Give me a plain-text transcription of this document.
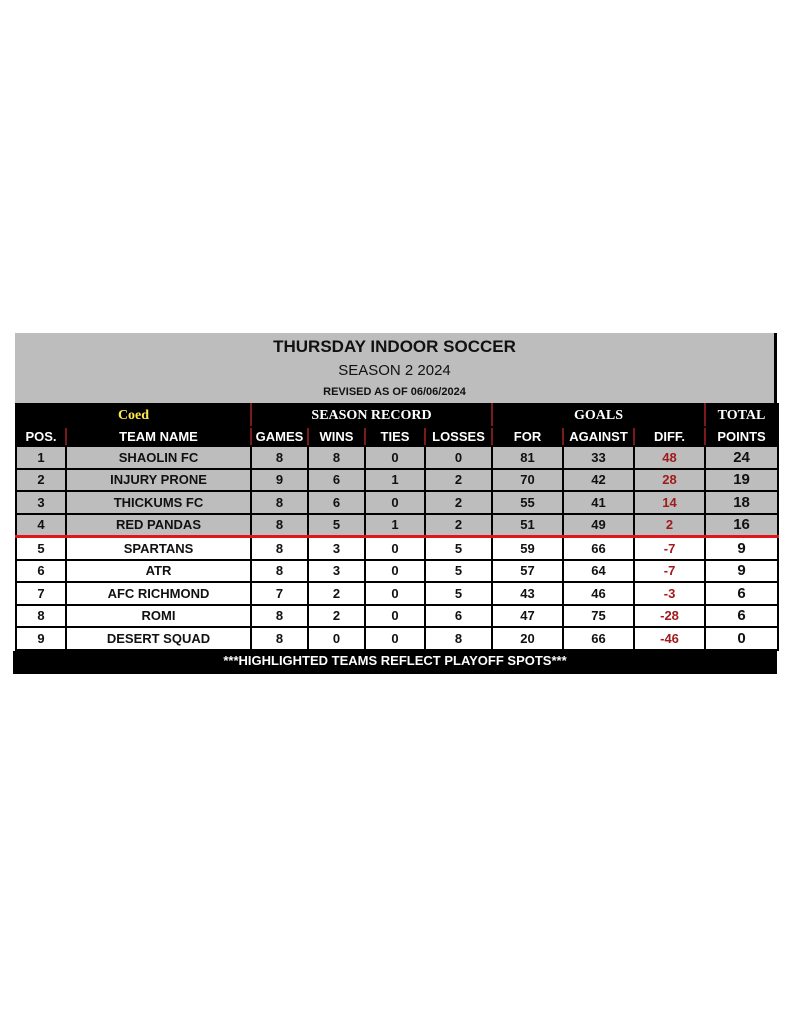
THURSDAY INDOOR SOCCER
SEASON 2 2024
REVISED AS OF 06/06/2024
Coed		SEASON RECORD				GOALS			TOTAL
POS.	TEAM NAME	GAMES	WINS	TIES	LOSSES	FOR	AGAINST	DIFF.	POINTS
1	SHAOLIN FC	8	8	0	0	81	33	48	24
2	INJURY PRONE	9	6	1	2	70	42	28	19
3	THICKUMS FC	8	6	0	2	55	41	14	18
4	RED PANDAS	8	5	1	2	51	49	2	16
5	SPARTANS	8	3	0	5	59	66	-7	9
6	ATR	8	3	0	5	57	64	-7	9
7	AFC RICHMOND	7	2	0	5	43	46	-3	6
8	ROMI	8	2	0	6	47	75	-28	6
9	DESERT SQUAD	8	0	0	8	20	66	-46	0
***HIGHLIGHTED TEAMS REFLECT PLAYOFF SPOTS***
